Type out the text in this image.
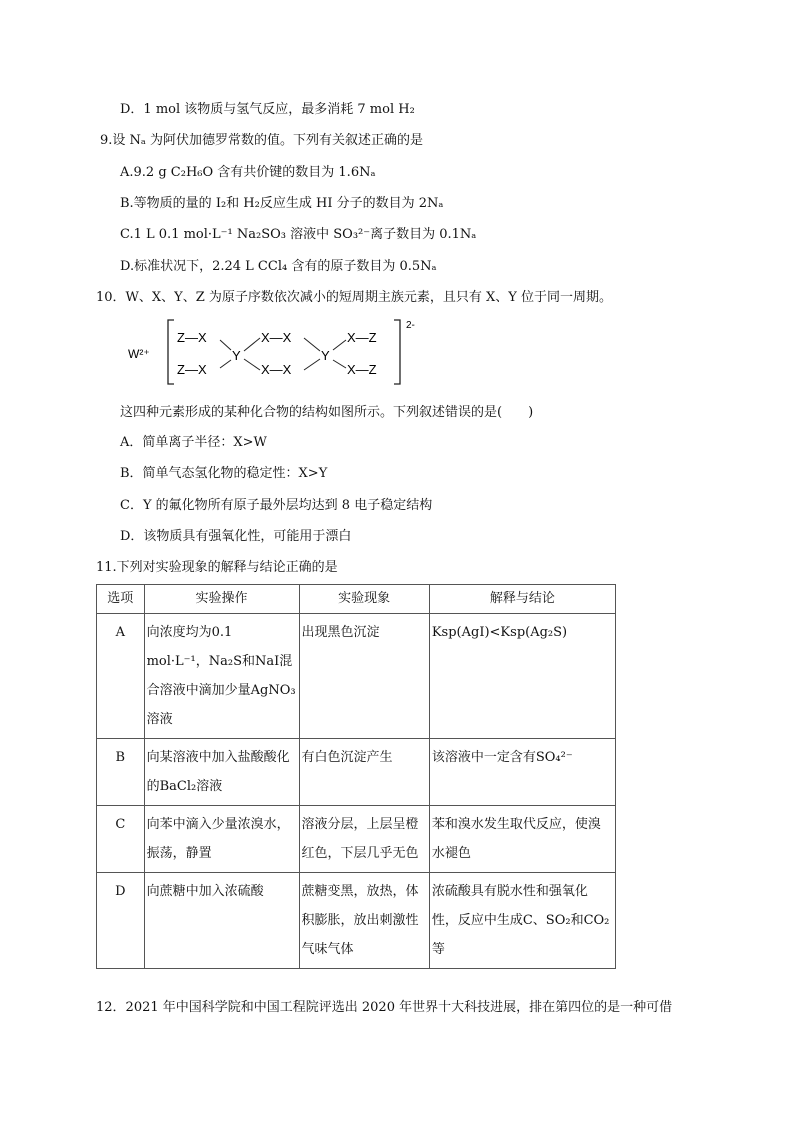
D．1 mol 该物质与氢气反应，最多消耗 7 mol H₂
9.设 Nₐ 为阿伏加德罗常数的值。下列有关叙述正确的是
A.9.2 g C₂H₆O 含有共价键的数目为 1.6Nₐ
B.等物质的量的 I₂和 H₂反应生成 HI 分子的数目为 2Nₐ
C.1 L 0.1 mol·L⁻¹ Na₂SO₃ 溶液中 SO₃²⁻离子数目为 0.1Nₐ
D.标准状况下，2.24 L CCl₄ 含有的原子数目为 0.5Nₐ
10．W、X、Y、Z 为原子序数依次减小的短周期主族元素，且只有 X、Y 位于同一周期。
W²⁺
2-
Z—X
Z—X
Y
X—X
X—X
Y
X—Z
X—Z
这四种元素形成的某种化合物的结构如图所示。下列叙述错误的是(　　)
A．简单离子半径：X>W
B．简单气态氢化物的稳定性：X>Y
C．Y 的氟化物所有原子最外层均达到 8 电子稳定结构
D．该物质具有强氧化性，可能用于漂白
11.下列对实验现象的解释与结论正确的是
选项	实验操作	实验现象	解释与结论
A	向浓度均为0.1 mol·L⁻¹，Na₂S和NaI混合溶液中滴加少量AgNO₃溶液	出现黑色沉淀	Ksp(AgI)<Ksp(Ag₂S)
B	向某溶液中加入盐酸酸化的BaCl₂溶液	有白色沉淀产生	该溶液中一定含有SO₄²⁻
C	向苯中滴入少量浓溴水，振荡，静置	溶液分层，上层呈橙红色，下层几乎无色	苯和溴水发生取代反应，使溴水褪色
D	向蔗糖中加入浓硫酸	蔗糖变黑，放热，体积膨胀，放出刺激性气味气体	浓硫酸具有脱水性和强氧化性，反应中生成C、SO₂和CO₂等
12．2021 年中国科学院和中国工程院评选出 2020 年世界十大科技进展，排在第四位的是一种可借
